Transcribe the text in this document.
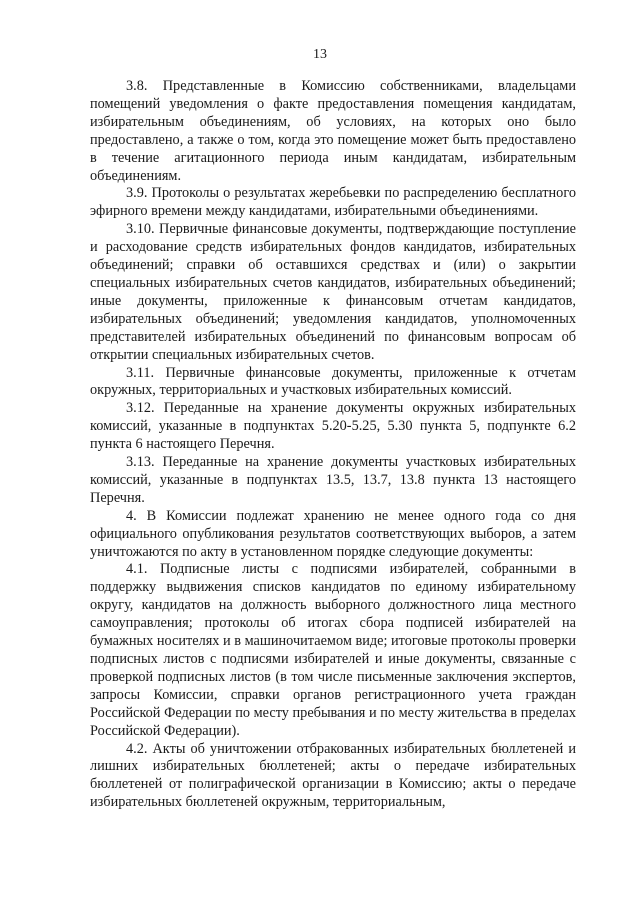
13

3.8. Представленные в Комиссию собственниками, владельцами помещений уведомления о факте предоставления помещения кандидатам, избирательным объединениям, об условиях, на которых оно было предоставлено, а также о том, когда это помещение может быть предоставлено в течение агитационного периода иным кандидатам, избирательным объединениям.

3.9. Протоколы о результатах жеребьевки по распределению бесплатного эфирного времени между кандидатами, избирательными объединениями.

3.10. Первичные финансовые документы, подтверждающие поступление и расходование средств избирательных фондов кандидатов, избирательных объединений; справки об оставшихся средствах и (или) о закрытии специальных избирательных счетов кандидатов, избирательных объединений; иные документы, приложенные к финансовым отчетам кандидатов, избирательных объединений; уведомления кандидатов, уполномоченных представителей избирательных объединений по финансовым вопросам об открытии специальных избирательных счетов.

3.11. Первичные финансовые документы, приложенные к отчетам окружных, территориальных и участковых избирательных комиссий.

3.12. Переданные на хранение документы окружных избирательных комиссий, указанные в подпунктах 5.20-5.25, 5.30 пункта 5, подпункте 6.2 пункта 6 настоящего Перечня.

3.13. Переданные на хранение документы участковых избирательных комиссий, указанные в подпунктах 13.5, 13.7, 13.8 пункта 13 настоящего Перечня.

4. В Комиссии подлежат хранению не менее одного года со дня официального опубликования результатов соответствующих выборов, а затем уничтожаются по акту в установленном порядке следующие документы:

4.1. Подписные листы с подписями избирателей, собранными в поддержку выдвижения списков кандидатов по единому избирательному округу, кандидатов на должность выборного должностного лица местного самоуправления; протоколы об итогах сбора подписей избирателей на бумажных носителях и в машиночитаемом виде; итоговые протоколы проверки подписных листов с подписями избирателей и иные документы, связанные с проверкой подписных листов (в том числе письменные заключения экспертов, запросы Комиссии, справки органов регистрационного учета граждан Российской Федерации по месту пребывания и по месту жительства в пределах Российской Федерации).

4.2. Акты об уничтожении отбракованных избирательных бюллетеней и лишних избирательных бюллетеней; акты о передаче избирательных бюллетеней от полиграфической организации в Комиссию; акты о передаче избирательных бюллетеней окружным, территориальным,
